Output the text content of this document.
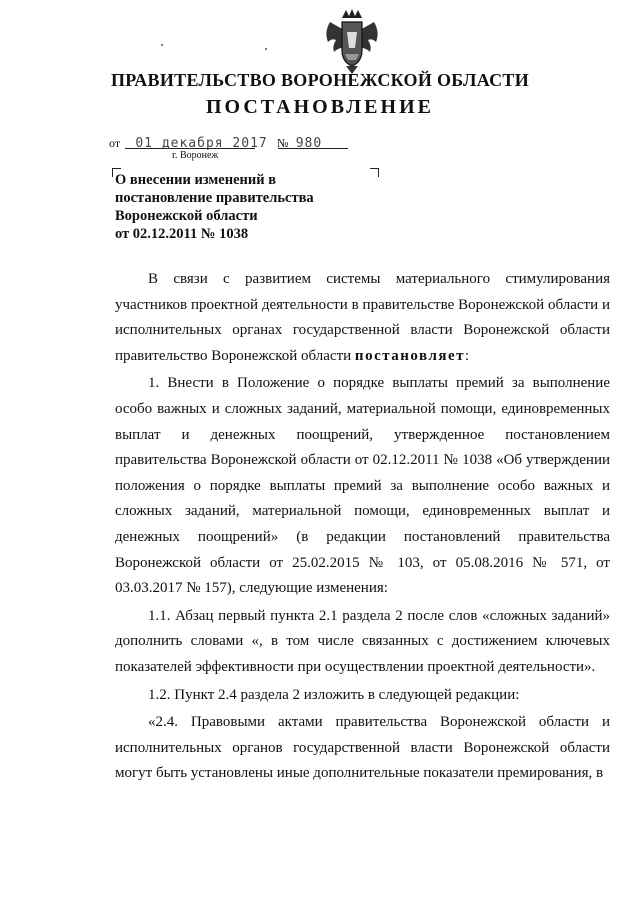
ПРАВИТЕЛЬСТВО ВОРОНЕЖСКОЙ ОБЛАСТИ
ПОСТАНОВЛЕНИЕ
от 01 декабря 2017 № 980
г. Воронеж
О внесении изменений в
постановление правительства
Воронежской области
от 02.12.2011 № 1038

В связи с развитием системы материального стимулирования участников проектной деятельности в правительстве Воронежской области и исполнительных органах государственной власти Воронежской области правительство Воронежской области постановляет:

1. Внести в Положение о порядке выплаты премий за выполнение особо важных и сложных заданий, материальной помощи, единовременных выплат и денежных поощрений, утвержденное постановлением правительства Воронежской области от 02.12.2011 № 1038 «Об утверждении положения о порядке выплаты премий за выполнение особо важных и сложных заданий, материальной помощи, единовременных выплат и денежных поощрений» (в редакции постановлений правительства Воронежской области от 25.02.2015 № 103, от 05.08.2016 № 571, от 03.03.2017 № 157), следующие изменения:

1.1. Абзац первый пункта 2.1 раздела 2 после слов «сложных заданий» дополнить словами «, в том числе связанных с достижением ключевых показателей эффективности при осуществлении проектной деятельности».

1.2. Пункт 2.4 раздела 2 изложить в следующей редакции:

«2.4. Правовыми актами правительства Воронежской области и исполнительных органов государственной власти Воронежской области могут быть установлены иные дополнительные показатели премирования, в
